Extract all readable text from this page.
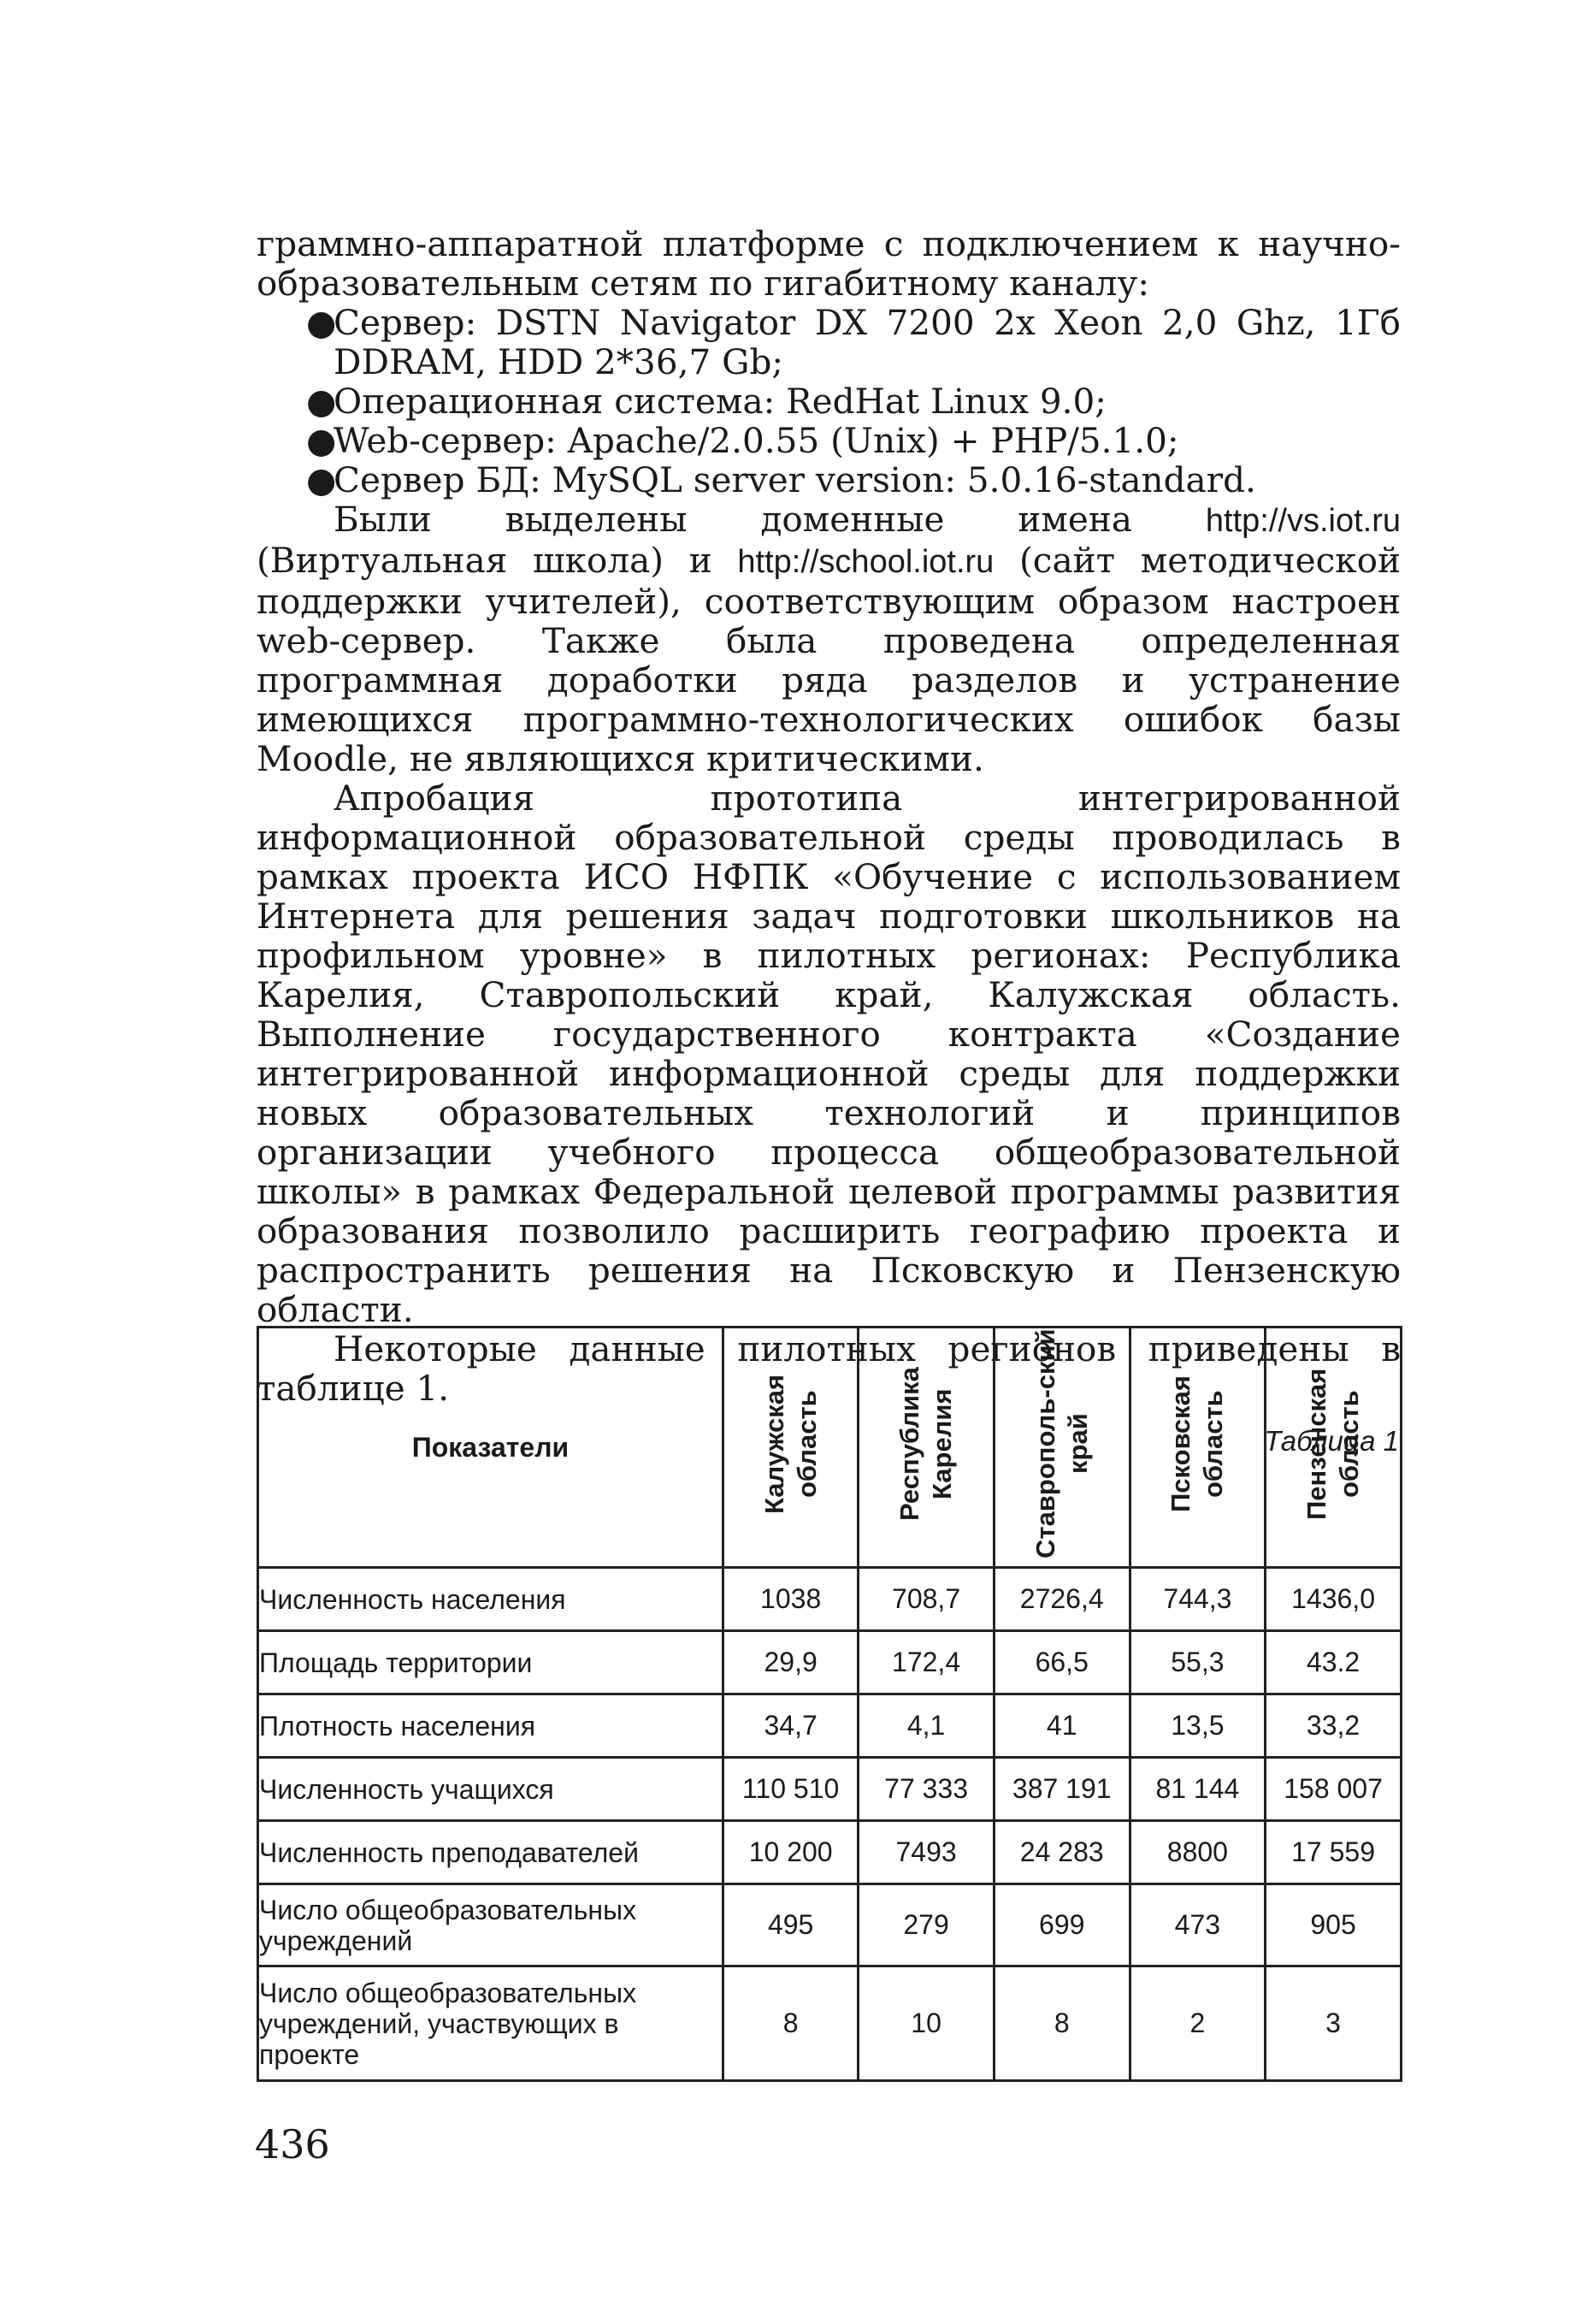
граммно-аппаратной платформе с подключением к научно-образовательным сетям по гигабитному каналу:

●
Сервер: DSTN Navigator DX 7200 2x Xeon 2,0 Ghz, 1Гб DDRAM, HDD 2*36,7 Gb;
●
Операционная система: RedHat Linux 9.0;
●
Web-сервер: Apache/2.0.55 (Unix) + PHP/5.1.0;
●
Сервер БД: MySQL server version: 5.0.16-standard.

Были выделены доменные имена http://vs.iot.ru (Виртуальная школа) и http://school.iot.ru (сайт методической поддержки учителей), соответствующим образом настроен web-сервер. Также была проведена определенная программная доработки ряда разделов и устранение имеющихся программно-технологических ошибок базы Moodle, не являющихся критическими.

Апробация прототипа интегрированной информационной образовательной среды проводилась в рамках проекта ИСО НФПК «Обучение с использованием Интернета для решения задач подготовки школьников на профильном уровне» в пилотных регионах: Республика Карелия, Ставропольский край, Калужская область. Выполнение государственного контракта «Создание интегрированной информационной среды для поддержки новых образовательных технологий и принципов организации учебного процесса общеобразовательной школы» в рамках Федеральной целевой программы развития образования позволило расширить географию проекта и распространить решения на Псковскую и Пензенскую области.

Некоторые данные пилотных регионов приведены в таблице 1.

Таблица 1
Показатели	Калужская область	Республика Карелия	Ставрополь-ский край	Псковская область	Пензенская область
Численность населения	1038	708,7	2726,4	744,3	1436,0
Площадь территории	29,9	172,4	66,5	55,3	43.2
Плотность населения	34,7	4,1	41	13,5	33,2
Численность учащихся	110 510	77 333	387 191	81 144	158 007
Численность преподавателей	10 200	7493	24 283	8800	17 559
Число общеобразовательных учреждений	495	279	699	473	905
Число общеобразовательных учреждений, участвующих в проекте	8	10	8	2	3
436
